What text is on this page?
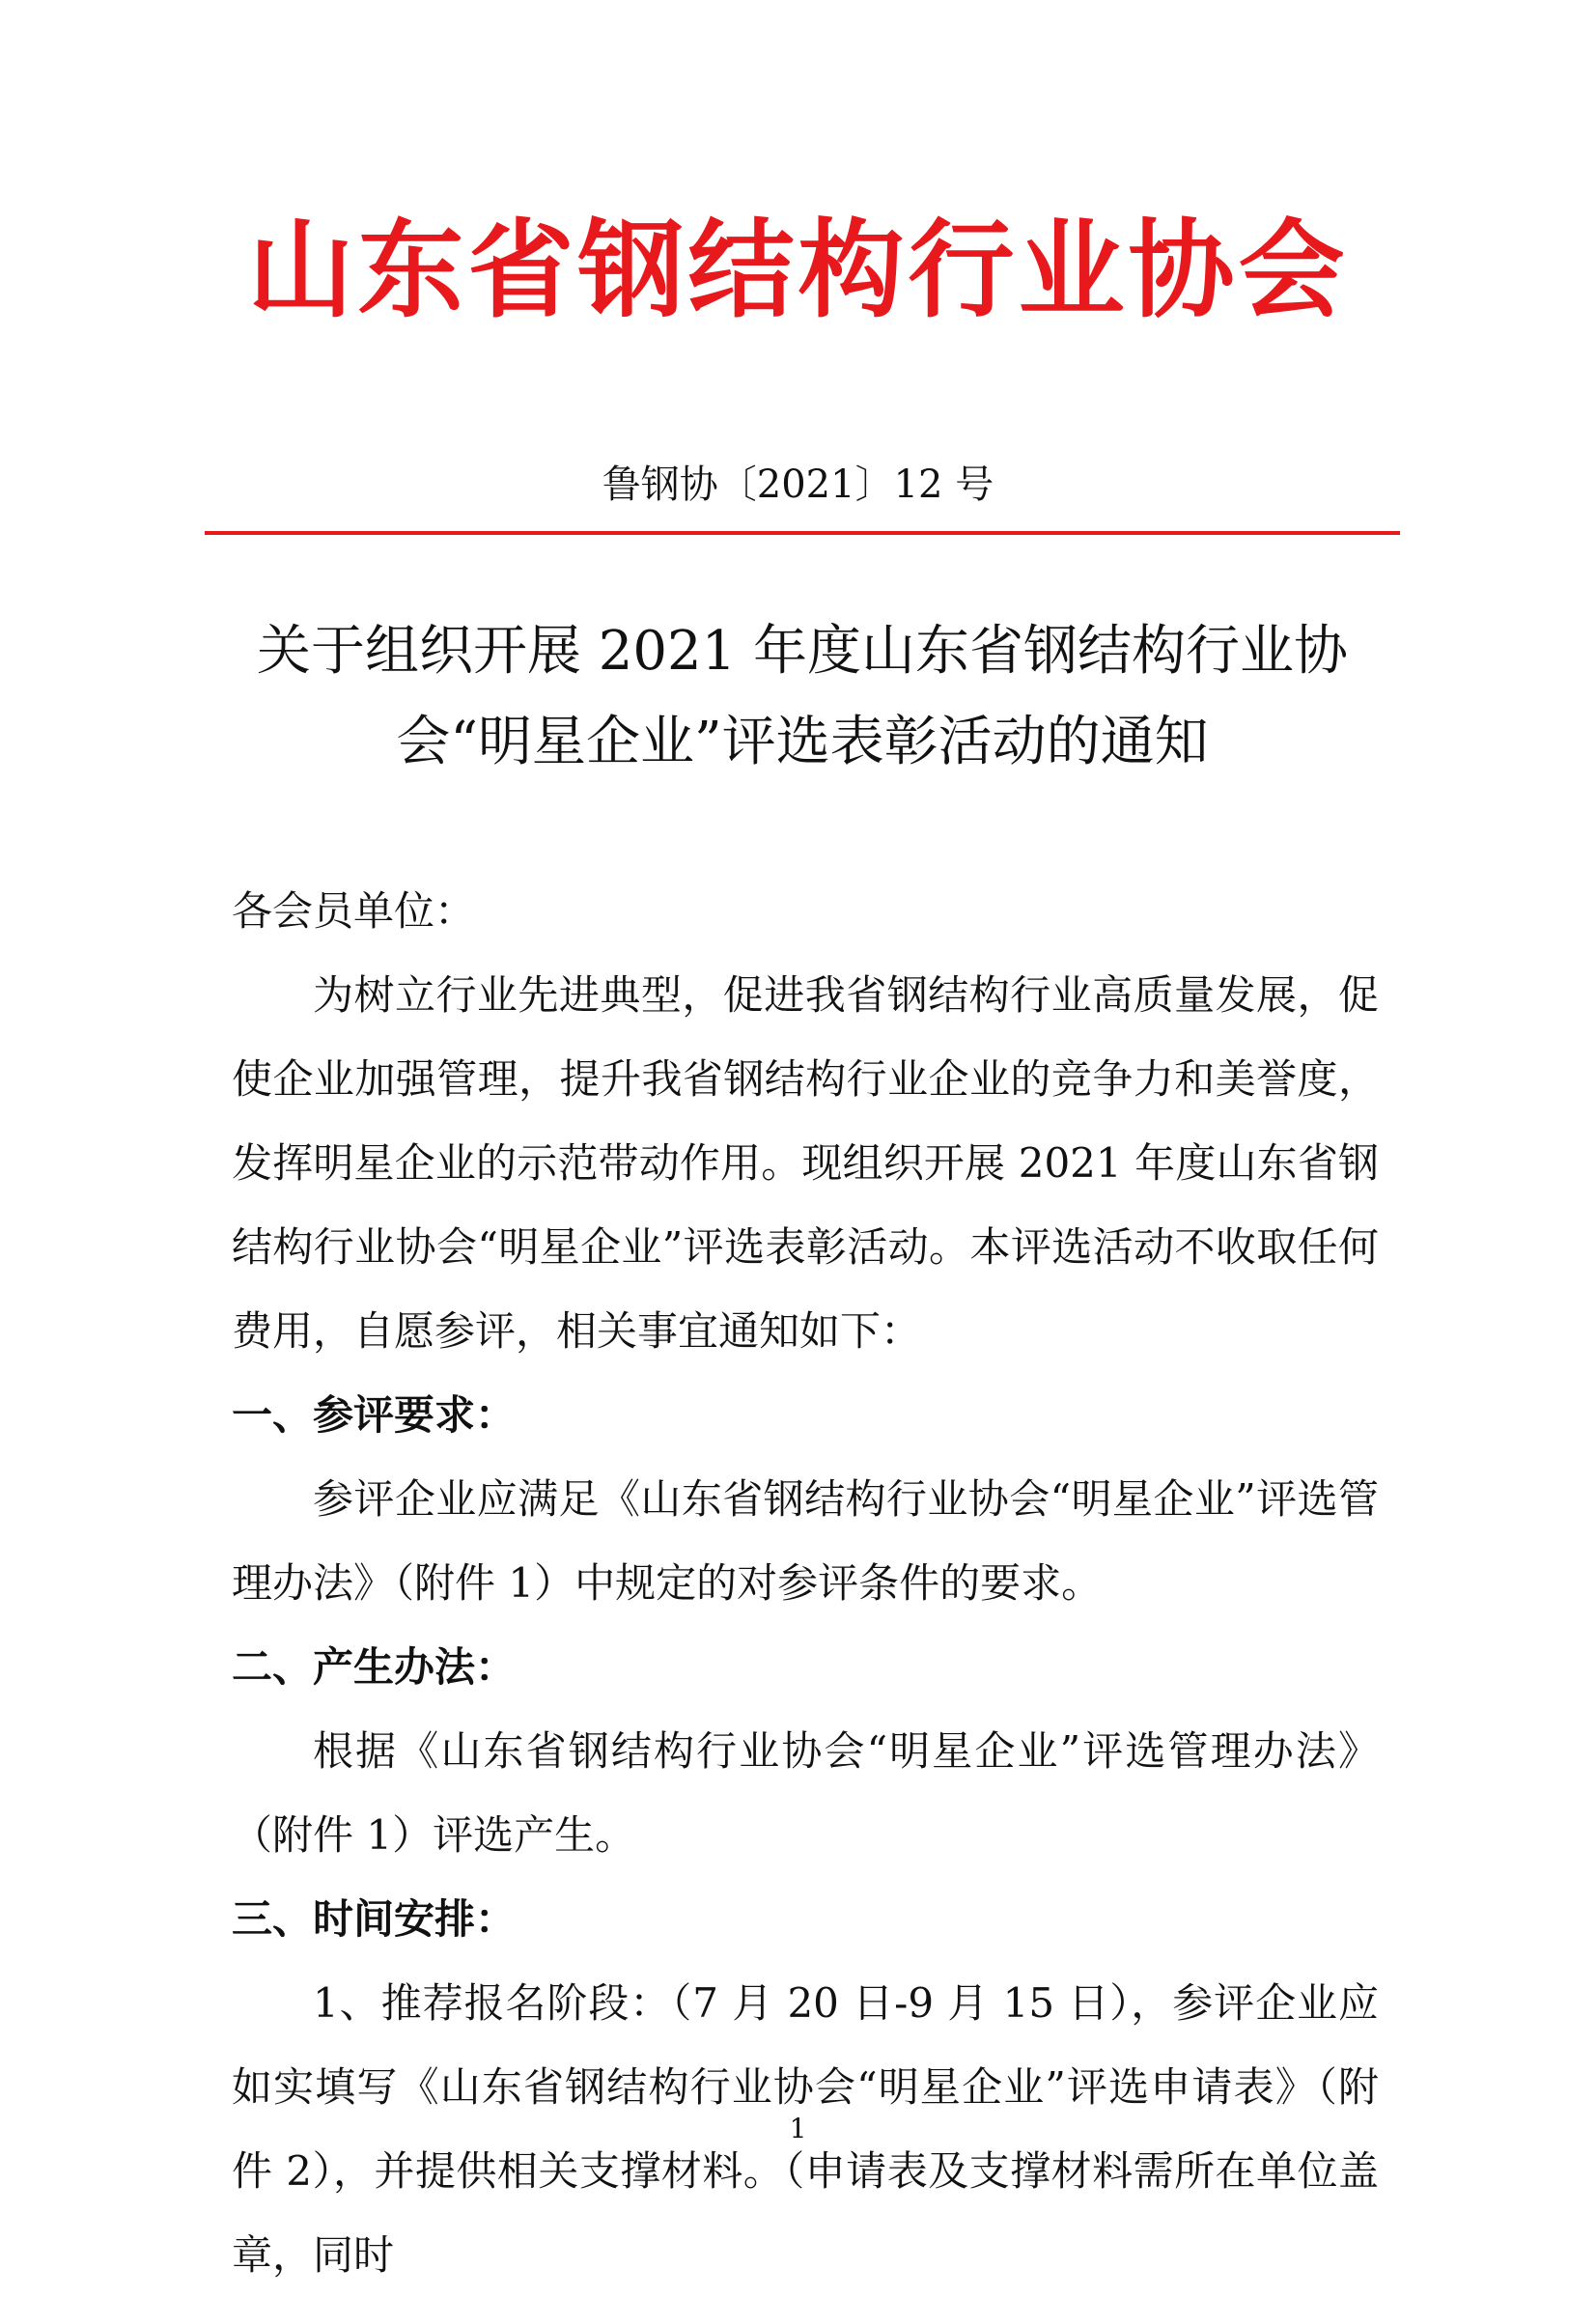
山东省钢结构行业协会
鲁钢协〔2021〕12 号
关于组织开展 2021 年度山东省钢结构行业协
会“明星企业”评选表彰活动的通知

各会员单位：

为树立行业先进典型，促进我省钢结构行业高质量发展，促使企业加强管理，提升我省钢结构行业企业的竞争力和美誉度，发挥明星企业的示范带动作用。现组织开展 2021 年度山东省钢结构行业协会“明星企业”评选表彰活动。本评选活动不收取任何费用，自愿参评，相关事宜通知如下：

一、参评要求：

参评企业应满足《山东省钢结构行业协会“明星企业”评选管理办法》（附件 1）中规定的对参评条件的要求。

二、产生办法：

根据《山东省钢结构行业协会“明星企业”评选管理办法》（附件 1）评选产生。

三、时间安排：

1、推荐报名阶段：（7 月 20 日-9 月 15 日），参评企业应如实填写《山东省钢结构行业协会“明星企业”评选申请表》（附件 2），并提供相关支撑材料。（申请表及支撑材料需所在单位盖章，同时

1
